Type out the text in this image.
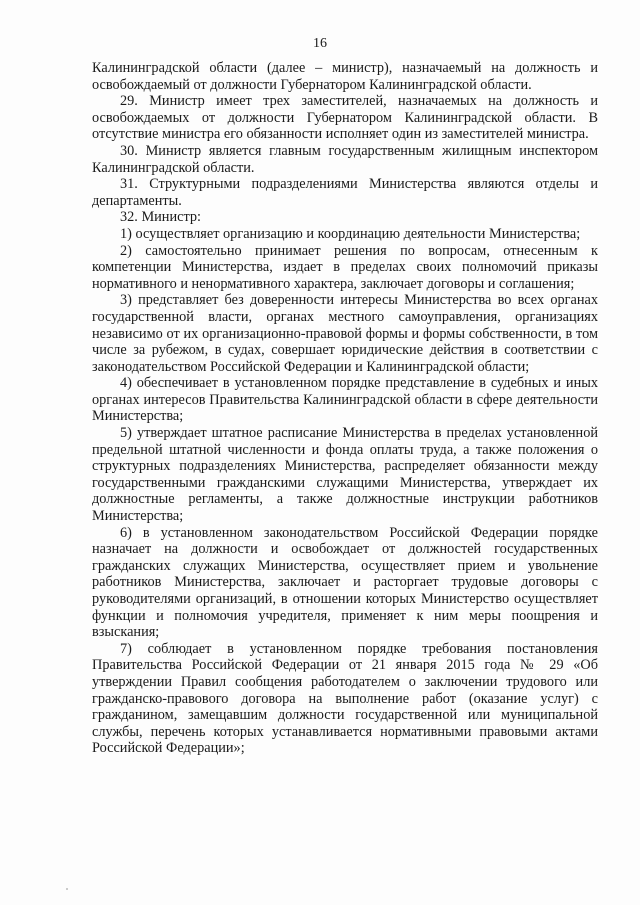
16

Калининградской области (далее – министр), назначаемый на должность и освобождаемый от должности Губернатором Калининградской области.

29. Министр имеет трех заместителей, назначаемых на должность и освобождаемых от должности Губернатором Калининградской области. В отсутствие министра его обязанности исполняет один из заместителей министра.

30. Министр является главным государственным жилищным инспектором Калининградской области.

31. Структурными подразделениями Министерства являются отделы и департаменты.

32. Министр:

1) осуществляет организацию и координацию деятельности Министерства;

2) самостоятельно принимает решения по вопросам, отнесенным к компетенции Министерства, издает в пределах своих полномочий приказы нормативного и ненормативного характера, заключает договоры и соглашения;

3) представляет без доверенности интересы Министерства во всех органах государственной власти, органах местного самоуправления, организациях независимо от их организационно-правовой формы и формы собственности, в том числе за рубежом, в судах, совершает юридические действия в соответствии с законодательством Российской Федерации и Калининградской области;

4) обеспечивает в установленном порядке представление в судебных и иных органах интересов Правительства Калининградской области в сфере деятельности Министерства;

5) утверждает штатное расписание Министерства в пределах установленной предельной штатной численности и фонда оплаты труда, а также положения о структурных подразделениях Министерства, распределяет обязанности между государственными гражданскими служащими Министерства, утверждает их должностные регламенты, а также должностные инструкции работников Министерства;

6) в установленном законодательством Российской Федерации порядке назначает на должности и освобождает от должностей государственных гражданских служащих Министерства, осуществляет прием и увольнение работников Министерства, заключает и расторгает трудовые договоры с руководителями организаций, в отношении которых Министерство осуществляет функции и полномочия учредителя, применяет к ним меры поощрения и взыскания;

7) соблюдает в установленном порядке требования постановления Правительства Российской Федерации от 21 января 2015 года № 29 «Об утверждении Правил сообщения работодателем о заключении трудового или гражданско-правового договора на выполнение работ (оказание услуг) с гражданином, замещавшим должности государственной или муниципальной службы, перечень которых устанавливается нормативными правовыми актами Российской Федерации»;
